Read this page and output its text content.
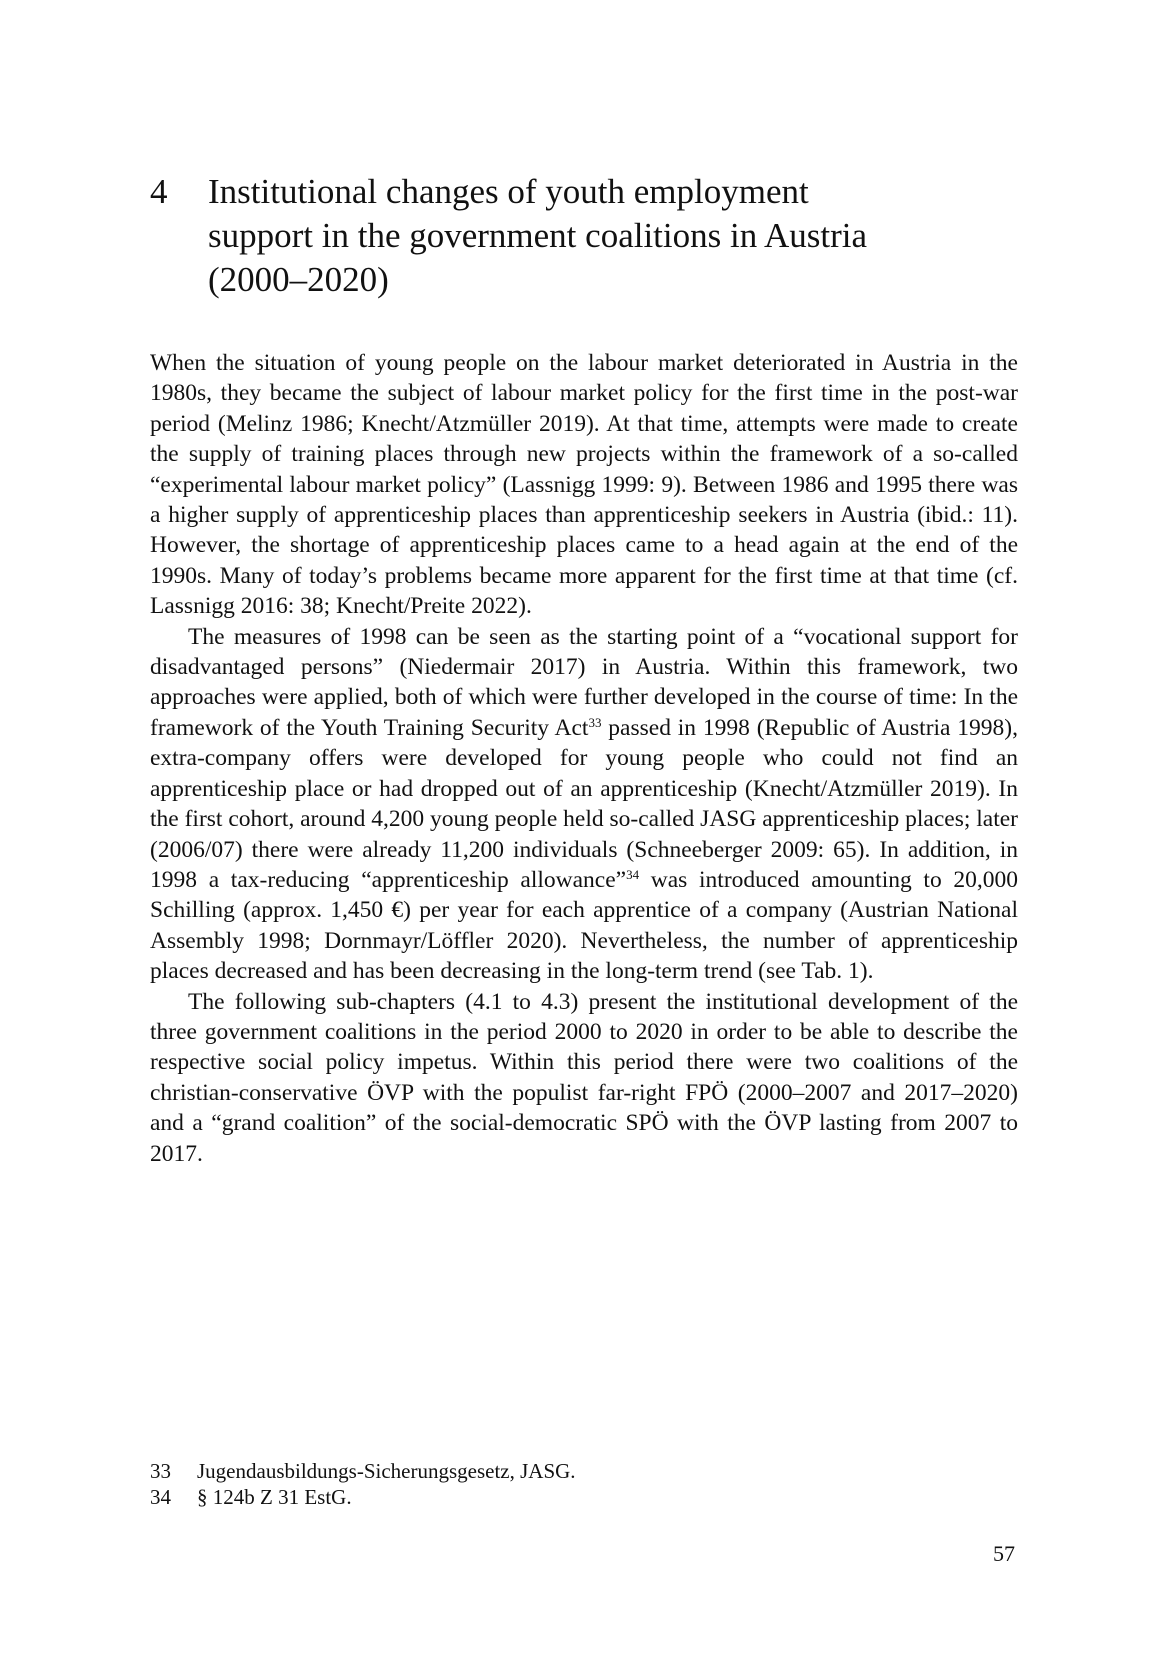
4	Institutional changes of youth employment support in the government coalitions in Austria (2000–2020)

When the situation of young people on the labour market deteriorated in Austria in the 1980s, they became the subject of labour market policy for the first time in the post-war period (Melinz 1986; Knecht/Atzmüller 2019). At that time, attempts were made to create the supply of training places through new projects within the framework of a so-called “experimental labour market policy” (Lassnigg 1999: 9). Between 1986 and 1995 there was a higher supply of apprenticeship places than apprenticeship seekers in Austria (ibid.: 11). However, the shortage of apprenticeship places came to a head again at the end of the 1990s. Many of today’s problems became more apparent for the first time at that time (cf. Lassnigg 2016: 38; Knecht/Preite 2022).

The measures of 1998 can be seen as the starting point of a “vocational support for disadvantaged persons” (Niedermair 2017) in Austria. Within this framework, two approaches were applied, both of which were further developed in the course of time: In the framework of the Youth Training Security Act$^{33}$ passed in 1998 (Republic of Austria 1998), extra-company offers were developed for young people who could not find an apprenticeship place or had dropped out of an apprenticeship (Knecht/Atzmüller 2019). In the first cohort, around 4,200 young people held so-called JASG apprenticeship places; later (2006/07) there were already 11,200 individuals (Schneeberger 2009: 65). In addition, in 1998 a tax-reducing “apprenticeship allowance”$^{34}$ was introduced amounting to 20,000 Schilling (approx. 1,450 €) per year for each apprentice of a company (Austrian National Assembly 1998; Dornmayr/Löffler 2020). Nevertheless, the number of apprenticeship places decreased and has been decreasing in the long-term trend (see Tab. 1).

The following sub-chapters (4.1 to 4.3) present the institutional development of the three government coalitions in the period 2000 to 2020 in order to be able to describe the respective social policy impetus. Within this period there were two coalitions of the christian-conservative ÖVP with the populist far-right FPÖ (2000–2007 and 2017–2020) and a “grand coalition” of the social-democratic SPÖ with the ÖVP lasting from 2007 to 2017.

33	Jugendausbildungs-Sicherungsgesetz, JASG.
34	§ 124b Z 31 EstG.
57
